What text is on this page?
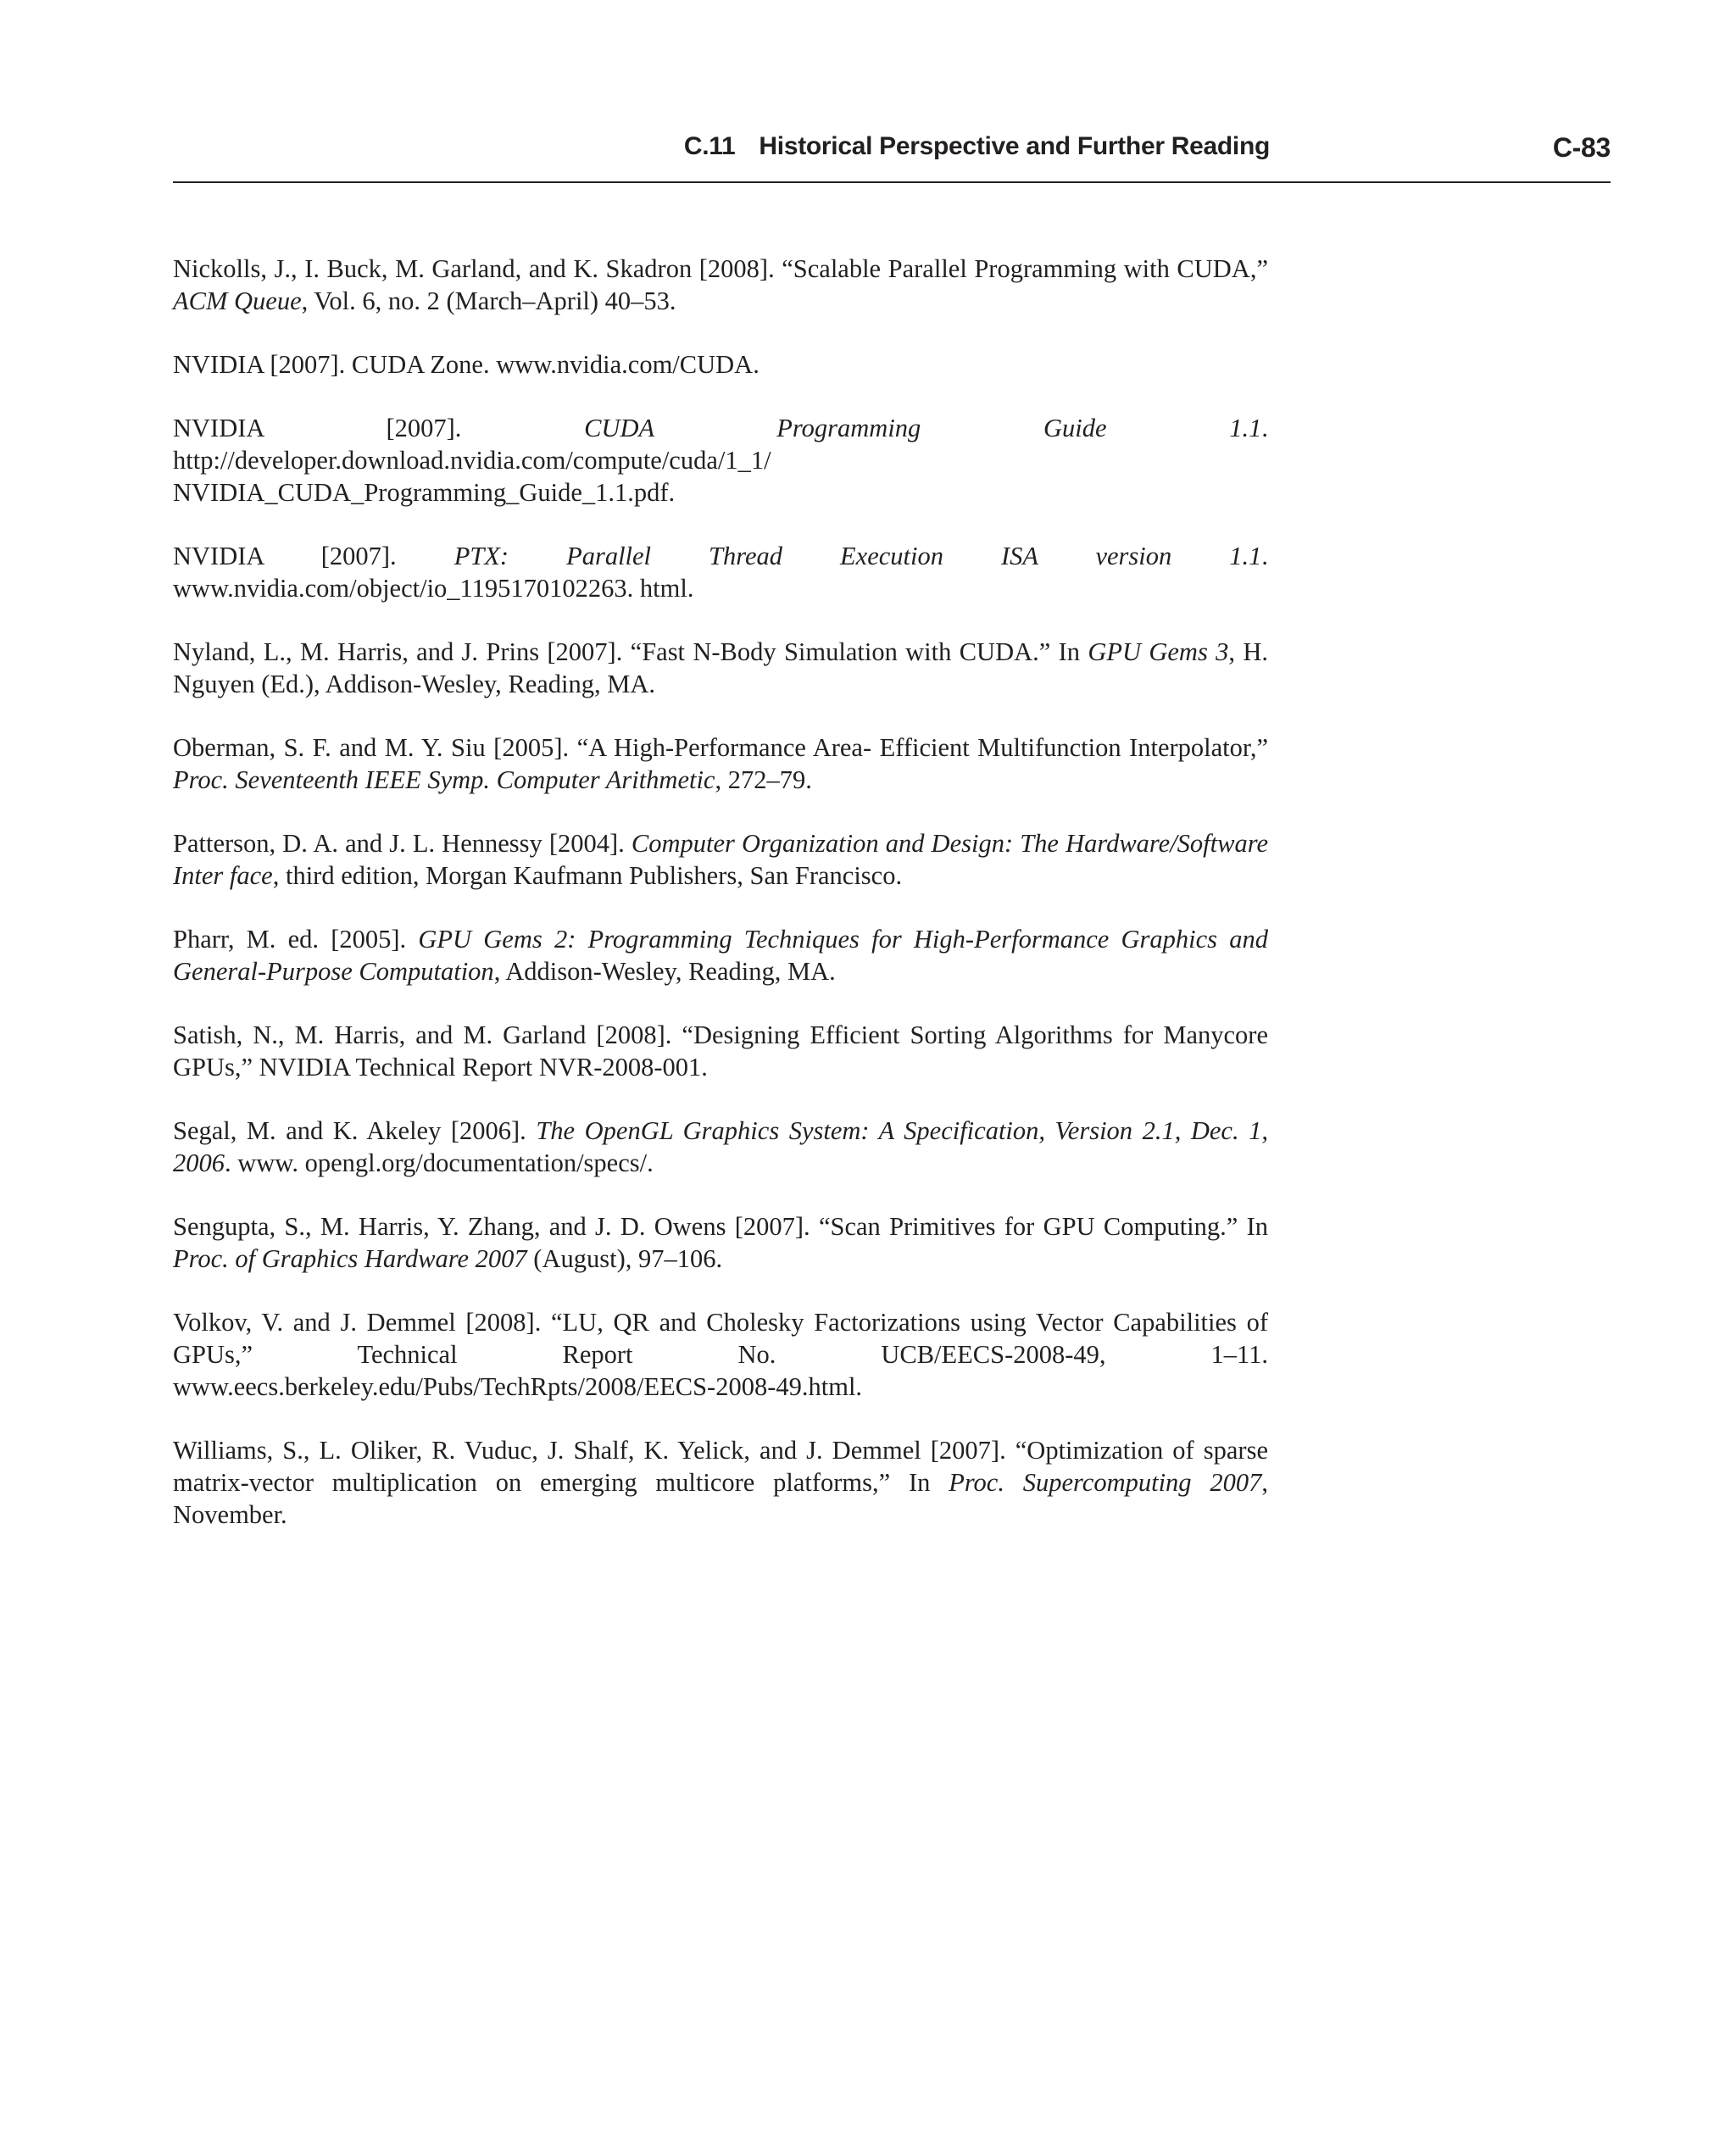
C.11 Historical Perspective and Further Reading	C-83

Nickolls, J., I. Buck, M. Garland, and K. Skadron [2008]. “Scalable Parallel Programming with CUDA,” ACM Queue, Vol. 6, no. 2 (March–April) 40–53.

NVIDIA [2007]. CUDA Zone. www.nvidia.com/CUDA.

NVIDIA [2007]. CUDA Programming Guide 1.1. http://developer.download.nvidia.com/compute/cuda/1_1/ NVIDIA_CUDA_Programming_Guide_1.1.pdf.

NVIDIA [2007]. PTX: Parallel Thread Execution ISA version 1.1. www.nvidia.com/object/io_1195170102263. html.

Nyland, L., M. Harris, and J. Prins [2007]. “Fast N-Body Simulation with CUDA.” In GPU Gems 3, H. Nguyen (Ed.), Addison-Wesley, Reading, MA.

Oberman, S. F. and M. Y. Siu [2005]. “A High-Performance Area- Efficient Multifunction Interpolator,” Proc. Seventeenth IEEE Symp. Computer Arithmetic, 272–79.

Patterson, D. A. and J. L. Hennessy [2004]. Computer Organization and Design: The Hardware/Software Inter face, third edition, Morgan Kaufmann Publishers, San Francisco.

Pharr, M. ed. [2005]. GPU Gems 2: Programming Techniques for High-Performance Graphics and General-Purpose Computation, Addison-Wesley, Reading, MA.

Satish, N., M. Harris, and M. Garland [2008]. “Designing Efficient Sorting Algorithms for Manycore GPUs,” NVIDIA Technical Report NVR-2008-001.

Segal, M. and K. Akeley [2006]. The OpenGL Graphics System: A Specification, Version 2.1, Dec. 1, 2006. www. opengl.org/documentation/specs/.

Sengupta, S., M. Harris, Y. Zhang, and J. D. Owens [2007]. “Scan Primitives for GPU Computing.” In Proc. of Graphics Hardware 2007 (August), 97–106.

Volkov, V. and J. Demmel [2008]. “LU, QR and Cholesky Factorizations using Vector Capabilities of GPUs,” Technical Report No. UCB/EECS-2008-49, 1–11. www.eecs.berkeley.edu/Pubs/TechRpts/2008/EECS-2008-49.html.

Williams, S., L. Oliker, R. Vuduc, J. Shalf, K. Yelick, and J. Demmel [2007]. “Optimization of sparse matrix-vector multiplication on emerging multicore platforms,” In Proc. Supercomputing 2007, November.
